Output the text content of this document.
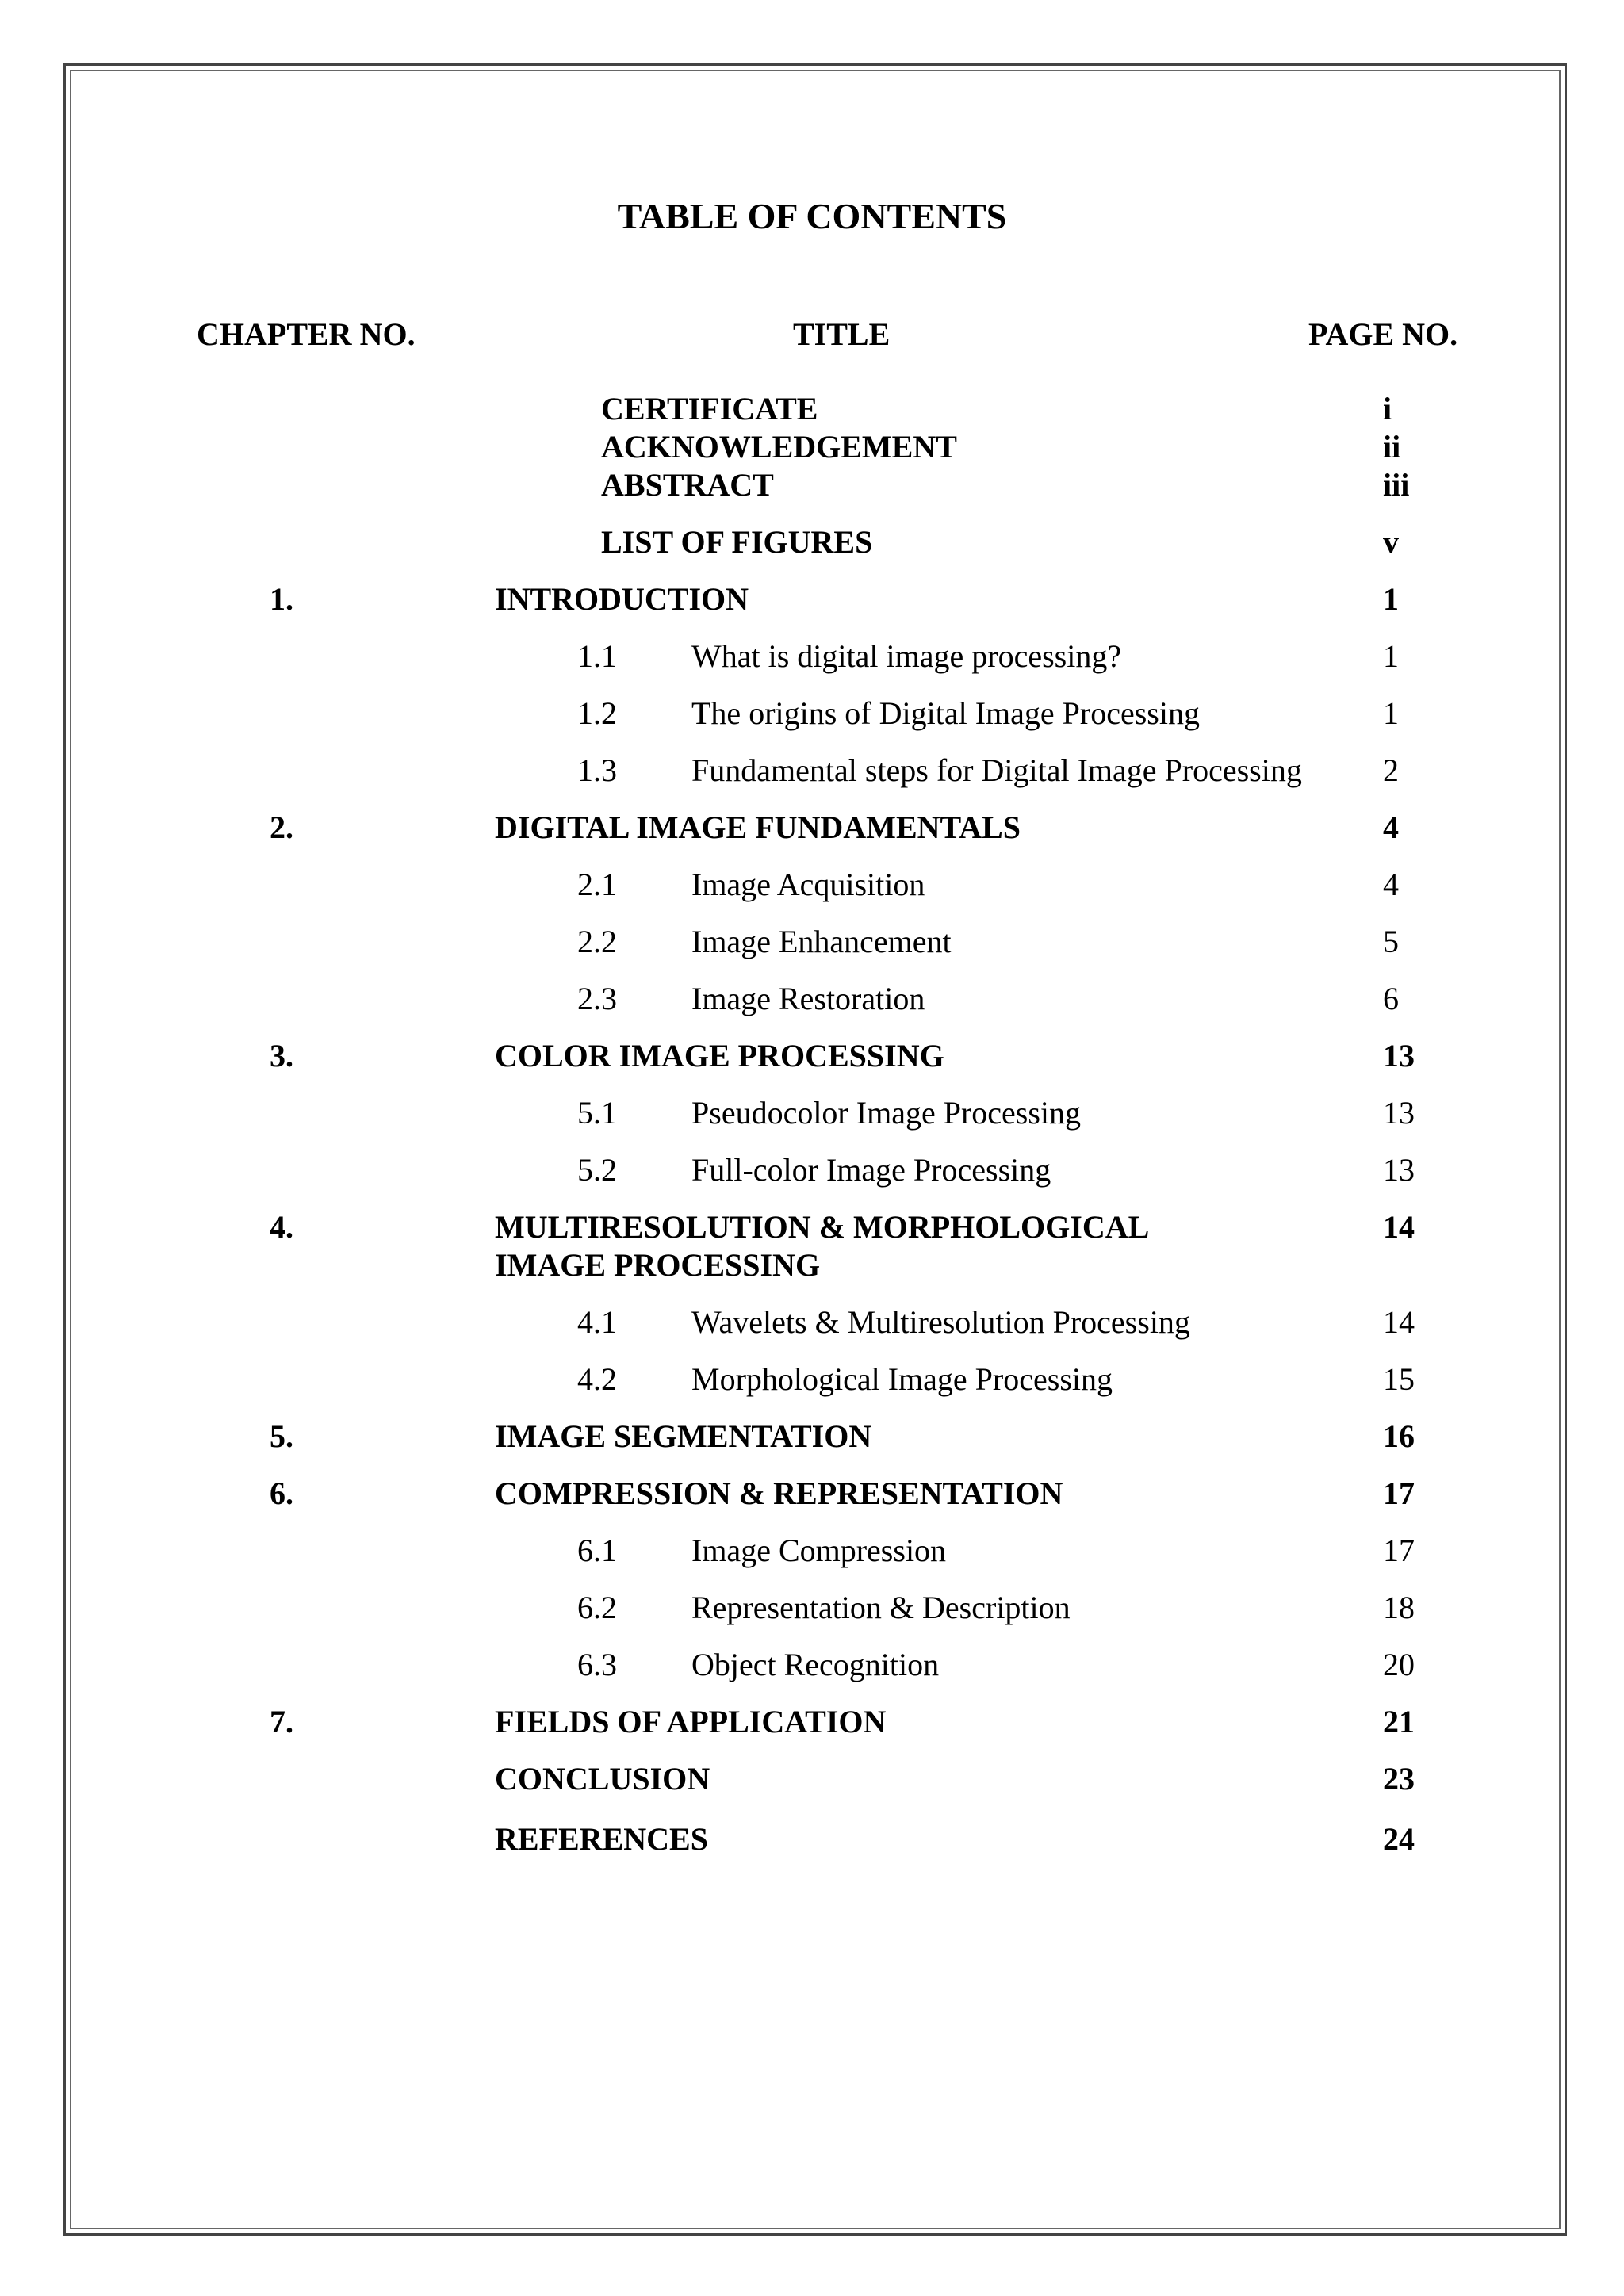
TABLE OF CONTENTS
CHAPTER NO.	TITLE	PAGE NO.
CERTIFICATE	i
ACKNOWLEDGEMENT	ii
ABSTRACT	iii
LIST OF FIGURES	v
1.	INTRODUCTION	1
1.1 What is digital image processing?	1
1.2 The origins of Digital Image Processing	1
1.3 Fundamental steps for Digital Image Processing	2
2.	DIGITAL IMAGE FUNDAMENTALS	4
2.1 Image Acquisition	4
2.2 Image Enhancement	5
2.3 Image Restoration	6
3.	COLOR IMAGE PROCESSING	13
5.1 Pseudocolor Image Processing	13
5.2 Full-color Image Processing	13
4.	MULTIRESOLUTION & MORPHOLOGICAL	14
IMAGE PROCESSING
4.1 Wavelets & Multiresolution Processing	14
4.2 Morphological Image Processing	15
5.	IMAGE SEGMENTATION	16
6.	COMPRESSION & REPRESENTATION	17
6.1 Image Compression	17
6.2 Representation & Description	18
6.3 Object Recognition	20
7.	FIELDS OF APPLICATION	21
CONCLUSION	23
REFERENCES	24
